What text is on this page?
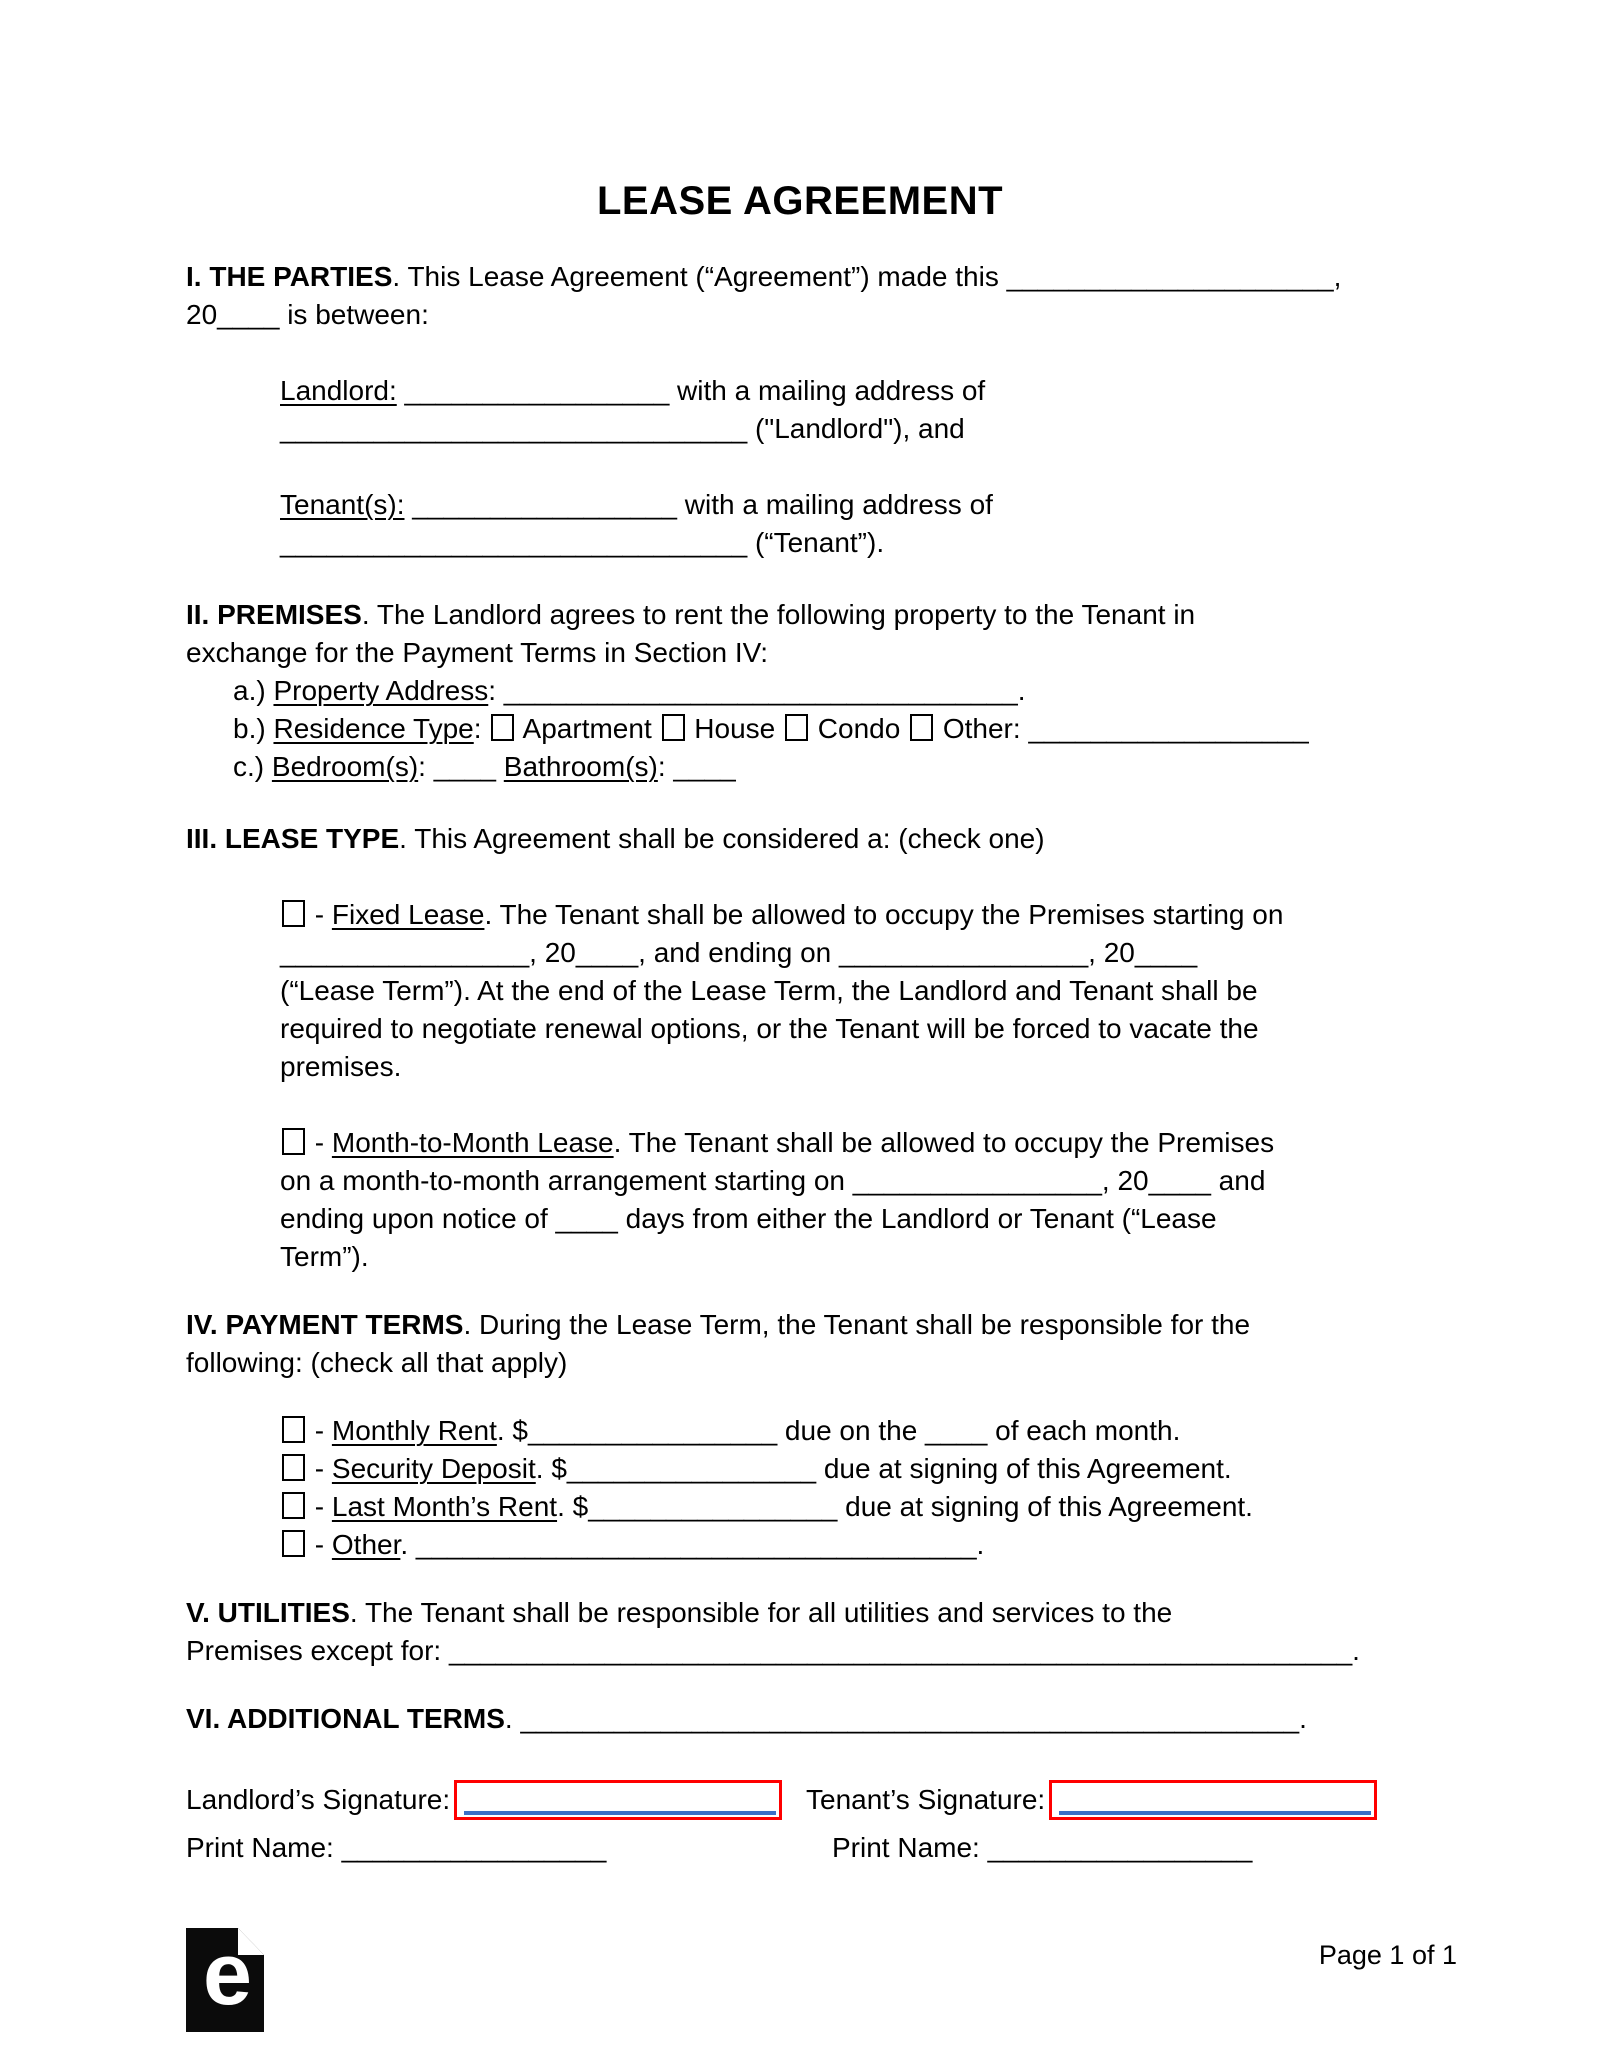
LEASE AGREEMENT

I. THE PARTIES. This Lease Agreement (“Agreement”) made this _____________________,
20____ is between:

Landlord: _________________ with a mailing address of
______________________________ ("Landlord"), and

Tenant(s): _________________ with a mailing address of
______________________________ (“Tenant”).

II. PREMISES. The Landlord agrees to rent the following property to the Tenant in
exchange for the Payment Terms in Section IV:

a.) Property Address: _________________________________.

b.) Residence Type:  Apartment  House  Condo  Other: __________________

c.) Bedroom(s): ____ Bathroom(s): ____

III. LEASE TYPE. This Agreement shall be considered a: (check one)

- Fixed Lease. The Tenant shall be allowed to occupy the Premises starting on
________________, 20____, and ending on ________________, 20____
(“Lease Term”). At the end of the Lease Term, the Landlord and Tenant shall be
required to negotiate renewal options, or the Tenant will be forced to vacate the
premises.

- Month-to-Month Lease. The Tenant shall be allowed to occupy the Premises
on a month-to-month arrangement starting on ________________, 20____ and
ending upon notice of ____ days from either the Landlord or Tenant (“Lease
Term”).

IV. PAYMENT TERMS. During the Lease Term, the Tenant shall be responsible for the
following: (check all that apply)

- Monthly Rent. $________________ due on the ____ of each month.

- Security Deposit. $________________ due at signing of this Agreement.

- Last Month’s Rent. $________________ due at signing of this Agreement.

- Other. ____________________________________.

V. UTILITIES. The Tenant shall be responsible for all utilities and services to the
Premises except for: __________________________________________________________.

VI. ADDITIONAL TERMS. __________________________________________________.

Landlord’s Signature:
Print Name: _________________
Tenant’s Signature:
Print Name: _________________
e	Page 1 of 1
